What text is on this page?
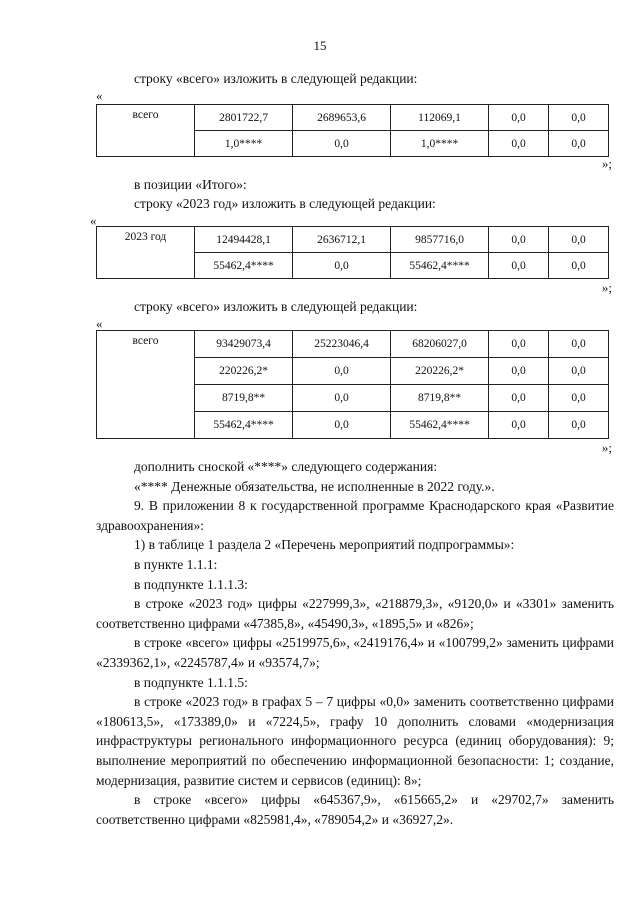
15
строку «всего» изложить в следующей редакции:
«
всего	2801722,7	2689653,6	112069,1	0,0	0,0
	1,0****	0,0	1,0****	0,0	0,0
»;
в позиции «Итого»:
строку «2023 год» изложить в следующей редакции:
«
2023 год	12494428,1	2636712,1	9857716,0	0,0	0,0
	55462,4****	0,0	55462,4****	0,0	0,0
»;
строку «всего» изложить в следующей редакции:
«
всего	93429073,4	25223046,4	68206027,0	0,0	0,0
	220226,2*	0,0	220226,2*	0,0	0,0
	8719,8**	0,0	8719,8**	0,0	0,0
	55462,4****	0,0	55462,4****	0,0	0,0
»;

дополнить сноской «****» следующего содержания:

«**** Денежные обязательства, не исполненные в 2022 году.».

9. В приложении 8 к государственной программе Краснодарского края «Развитие здравоохранения»:

1) в таблице 1 раздела 2 «Перечень мероприятий подпрограммы»:

в пункте 1.1.1:

в подпункте 1.1.1.3:

в строке «2023 год» цифры «227999,3», «218879,3», «9120,0» и «3301» заменить соответственно цифрами «47385,8», «45490,3», «1895,5» и «826»;

в строке «всего» цифры «2519975,6», «2419176,4» и «100799,2» заменить цифрами «2339362,1», «2245787,4» и «93574,7»;

в подпункте 1.1.1.5:

в строке «2023 год» в графах 5 – 7 цифры «0,0» заменить соответственно цифрами «180613,5», «173389,0» и «7224,5», графу 10 дополнить словами «модернизация инфраструктуры регионального информационного ресурса (единиц оборудования): 9; выполнение мероприятий по обеспечению информационной безопасности: 1; создание, модернизация, развитие систем и сервисов (единиц): 8»;

в строке «всего» цифры «645367,9», «615665,2» и «29702,7» заменить соответственно цифрами «825981,4», «789054,2» и «36927,2».
